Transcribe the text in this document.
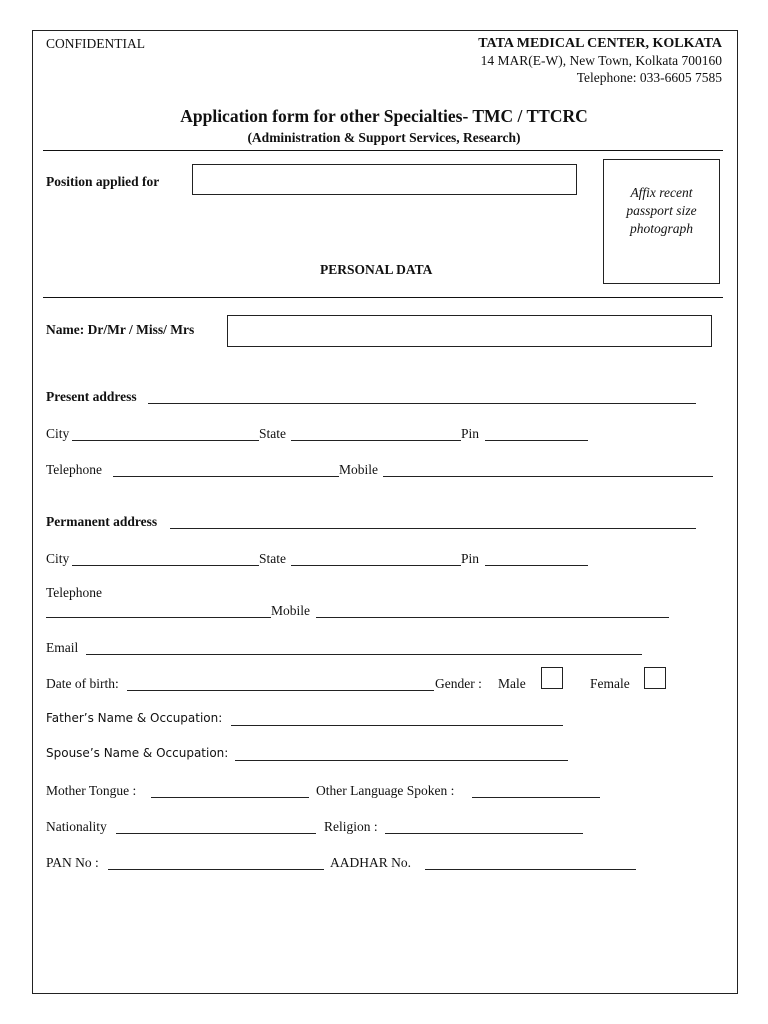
CONFIDENTIAL	TATA MEDICAL CENTER, KOLKATA
14 MAR(E-W), New Town, Kolkata 700160
Telephone: 033-6605 7585
Application form for other Specialties- TMC / TTCRC
(Administration & Support Services, Research)
Position applied for
Affix recent passport size photograph
PERSONAL DATA
Name: Dr/Mr / Miss/ Mrs
Present address
City	State	Pin
Telephone	Mobile
Permanent address
City	State	Pin
Telephone
Mobile
Email
Date of birth:	Gender : Male	Female
Father’s Name & Occupation:
Spouse’s Name & Occupation:
Mother Tongue :	Other Language Spoken :
Nationality	Religion :
PAN No :	AADHAR No.
